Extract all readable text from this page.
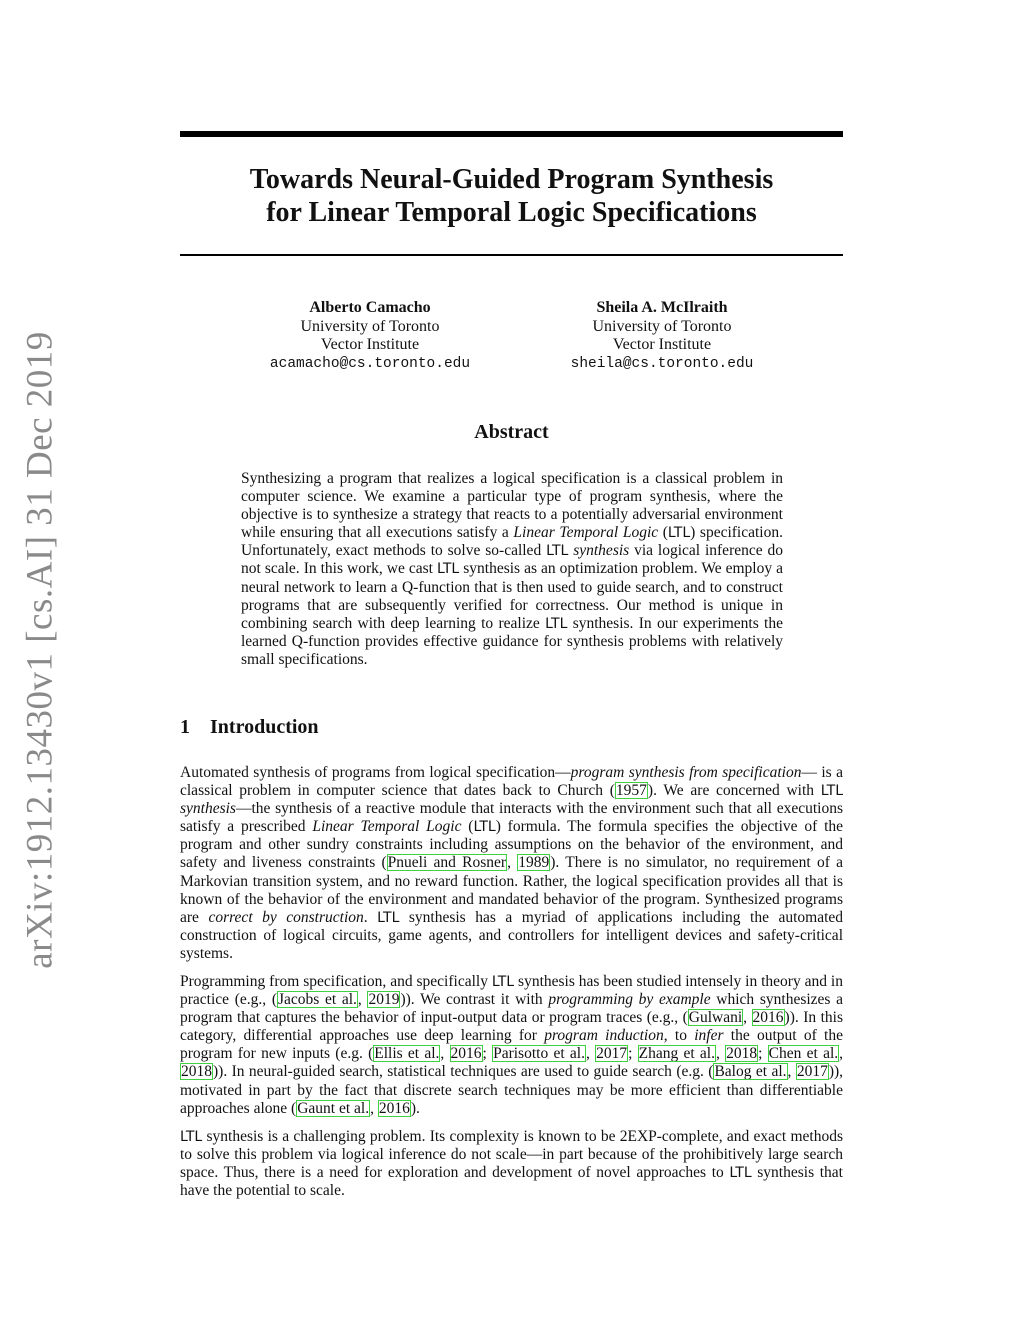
arXiv:1912.13430v1 [cs.AI] 31 Dec 2019
Towards Neural-Guided Program Synthesis
for Linear Temporal Logic Specifications
Alberto Camacho
University of Toronto
Vector Institute
acamacho@cs.toronto.edu
Sheila A. McIlraith
University of Toronto
Vector Institute
sheila@cs.toronto.edu
Abstract

Synthesizing a program that realizes a logical specification is a classical problem in computer science. We examine a particular type of program synthesis, where the objective is to synthesize a strategy that reacts to a potentially adversarial environment while ensuring that all executions satisfy a Linear Temporal Logic (LTL) specification. Unfortunately, exact methods to solve so-called LTL synthesis via logical inference do not scale. In this work, we cast LTL synthesis as an optimization problem. We employ a neural network to learn a Q-function that is then used to guide search, and to construct programs that are subsequently verified for correctness. Our method is unique in combining search with deep learning to realize LTL synthesis. In our experiments the learned Q-function provides effective guidance for synthesis problems with relatively small specifications.

1 Introduction

Automated synthesis of programs from logical specification—program synthesis from specification— is a classical problem in computer science that dates back to Church (1957). We are concerned with LTL synthesis—the synthesis of a reactive module that interacts with the environment such that all executions satisfy a prescribed Linear Temporal Logic (LTL) formula. The formula specifies the objective of the program and other sundry constraints including assumptions on the behavior of the environment, and safety and liveness constraints (Pnueli and Rosner, 1989). There is no simulator, no requirement of a Markovian transition system, and no reward function. Rather, the logical specification provides all that is known of the behavior of the environment and mandated behavior of the program. Synthesized programs are correct by construction. LTL synthesis has a myriad of applications including the automated construction of logical circuits, game agents, and controllers for intelligent devices and safety-critical systems.

Programming from specification, and specifically LTL synthesis has been studied intensely in theory and in practice (e.g., (Jacobs et al., 2019)). We contrast it with programming by example which synthesizes a program that captures the behavior of input-output data or program traces (e.g., (Gulwani, 2016)). In this category, differential approaches use deep learning for program induction, to infer the output of the program for new inputs (e.g. (Ellis et al., 2016; Parisotto et al., 2017; Zhang et al., 2018; Chen et al., 2018)). In neural-guided search, statistical techniques are used to guide search (e.g. (Balog et al., 2017)), motivated in part by the fact that discrete search techniques may be more efficient than differentiable approaches alone (Gaunt et al., 2016).

LTL synthesis is a challenging problem. Its complexity is known to be 2EXP-complete, and exact methods to solve this problem via logical inference do not scale—in part because of the prohibitively large search space. Thus, there is a need for exploration and development of novel approaches to LTL synthesis that have the potential to scale.
